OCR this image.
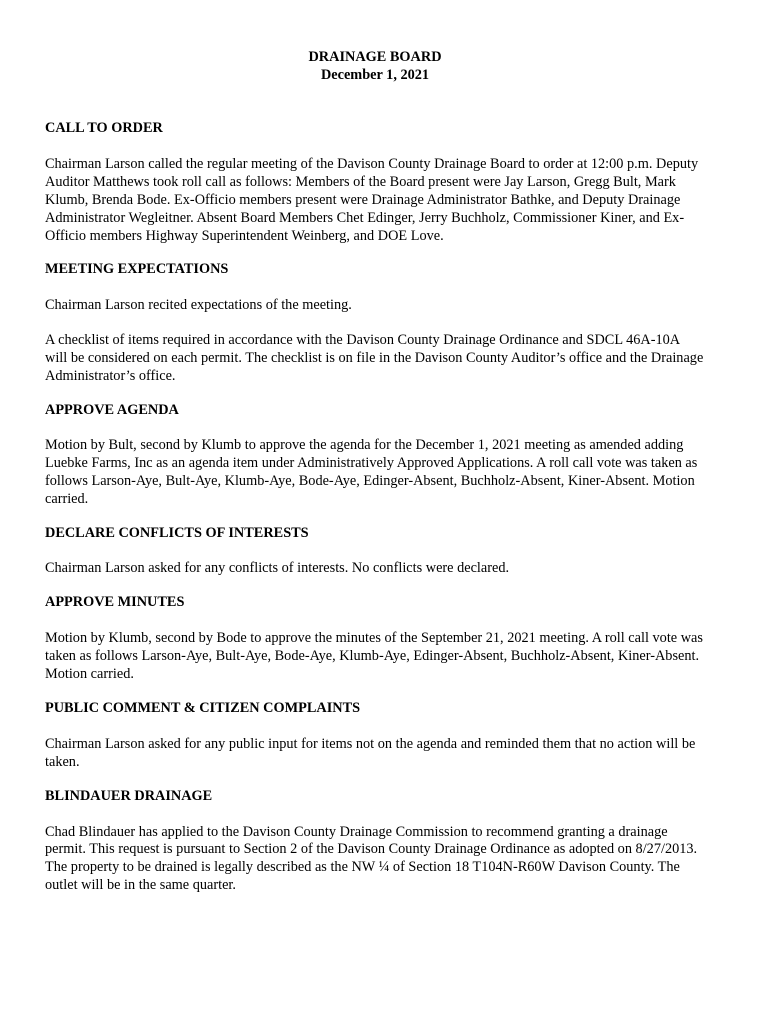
DRAINAGE BOARD
December 1, 2021
CALL TO ORDER

Chairman Larson called the regular meeting of the Davison County Drainage Board to order at 12:00 p.m. Deputy Auditor Matthews took roll call as follows: Members of the Board present were Jay Larson, Gregg Bult, Mark Klumb, Brenda Bode. Ex-Officio members present were Drainage Administrator Bathke, and Deputy Drainage Administrator Wegleitner. Absent Board Members Chet Edinger, Jerry Buchholz, Commissioner Kiner, and Ex-Officio members Highway Superintendent Weinberg, and DOE Love.

MEETING EXPECTATIONS

Chairman Larson recited expectations of the meeting.

A checklist of items required in accordance with the Davison County Drainage Ordinance and SDCL 46A-10A will be considered on each permit. The checklist is on file in the Davison County Auditor’s office and the Drainage Administrator’s office.

APPROVE AGENDA

Motion by Bult, second by Klumb to approve the agenda for the December 1, 2021 meeting as amended adding Luebke Farms, Inc as an agenda item under Administratively Approved Applications. A roll call vote was taken as follows Larson-Aye, Bult-Aye, Klumb-Aye, Bode-Aye, Edinger-Absent, Buchholz-Absent, Kiner-Absent. Motion carried.

DECLARE CONFLICTS OF INTERESTS

Chairman Larson asked for any conflicts of interests. No conflicts were declared.

APPROVE MINUTES

Motion by Klumb, second by Bode to approve the minutes of the September 21, 2021 meeting. A roll call vote was taken as follows Larson-Aye, Bult-Aye, Bode-Aye, Klumb-Aye, Edinger-Absent, Buchholz-Absent, Kiner-Absent. Motion carried.

PUBLIC COMMENT & CITIZEN COMPLAINTS

Chairman Larson asked for any public input for items not on the agenda and reminded them that no action will be taken.

BLINDAUER DRAINAGE

Chad Blindauer has applied to the Davison County Drainage Commission to recommend granting a drainage permit. This request is pursuant to Section 2 of the Davison County Drainage Ordinance as adopted on 8/27/2013. The property to be drained is legally described as the NW ¼ of Section 18 T104N-R60W Davison County. The outlet will be in the same quarter.
